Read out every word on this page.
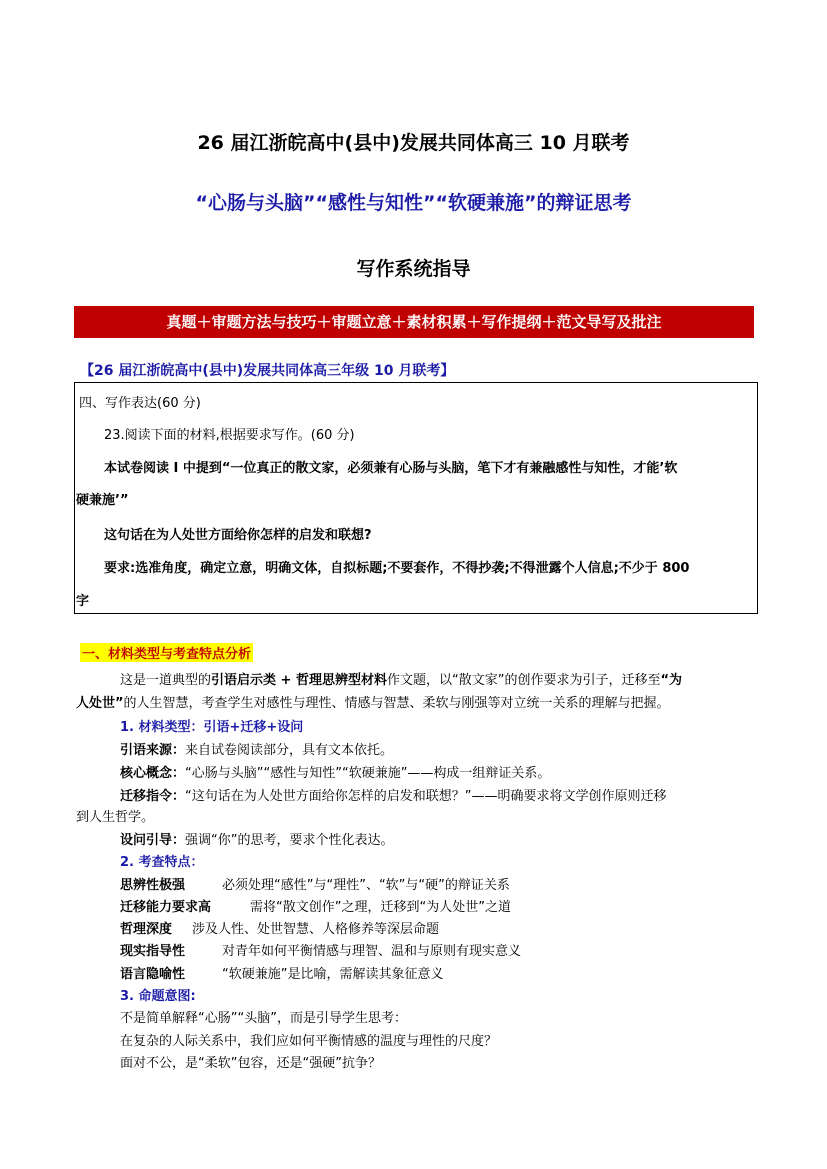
26 届江浙皖高中(县中)发展共同体高三 10 月联考
“心肠与头脑”“感性与知性”“软硬兼施”的辩证思考
写作系统指导
真题＋审题方法与技巧＋审题立意＋素材积累＋写作提纲＋范文导写及批注
【26 届江浙皖高中(县中)发展共同体高三年级 10 月联考】
四、写作表达(60 分)
23.阅读下面的材料,根据要求写作。(60 分)
本试卷阅读 I 中提到“一位真正的散文家，必须兼有心肠与头脑，笔下才有兼融感性与知性，才能’软
硬兼施’”
这句话在为人处世方面给你怎样的启发和联想?
要求:选准角度，确定立意，明确文体，自拟标题;不要套作，不得抄袭;不得泄露个人信息;不少于 800
字
一、材料类型与考查特点分析
这是一道典型的引语启示类 + 哲理思辨型材料作文题，以“散文家”的创作要求为引子，迁移至“为
人处世”的人生智慧，考查学生对感性与理性、情感与智慧、柔软与刚强等对立统一关系的理解与把握。
1. 材料类型：引语+迁移+设问
引语来源：来自试卷阅读部分，具有文本依托。
核心概念：“心肠与头脑”“感性与知性”“软硬兼施”——构成一组辩证关系。
迁移指令：“这句话在为人处世方面给你怎样的启发和联想？”——明确要求将文学创作原则迁移
到人生哲学。
设问引导：强调“你”的思考，要求个性化表达。
2. 考查特点：
思辨性极强	必须处理“感性”与“理性”、“软”与“硬”的辩证关系
迁移能力要求高	需将“散文创作”之理，迁移到“为人处世”之道
哲理深度 涉及人性、处世智慧、人格修养等深层命题
现实指导性	对青年如何平衡情感与理智、温和与原则有现实意义
语言隐喻性	“软硬兼施”是比喻，需解读其象征意义
3. 命题意图:
不是简单解释“心肠”“头脑”，而是引导学生思考：
在复杂的人际关系中，我们应如何平衡情感的温度与理性的尺度？
面对不公，是“柔软”包容，还是“强硬”抗争？
